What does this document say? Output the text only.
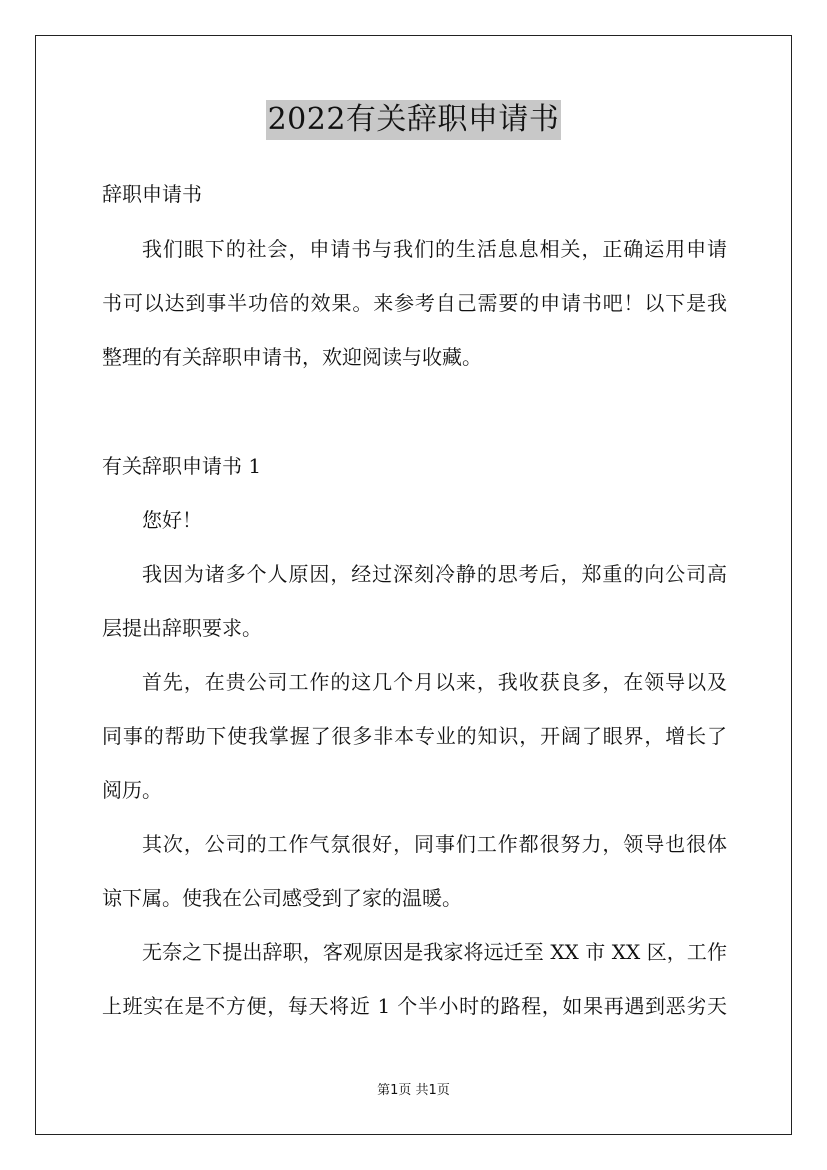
2022有关辞职申请书
辞职申请书
我们眼下的社会，申请书与我们的生活息息相关，正确运用申请
书可以达到事半功倍的效果。来参考自己需要的申请书吧！以下是我
整理的有关辞职申请书，欢迎阅读与收藏。
有关辞职申请书 1
您好！
我因为诸多个人原因，经过深刻冷静的思考后，郑重的向公司高
层提出辞职要求。
首先，在贵公司工作的这几个月以来，我收获良多，在领导以及
同事的帮助下使我掌握了很多非本专业的知识，开阔了眼界，增长了
阅历。
其次，公司的工作气氛很好，同事们工作都很努力，领导也很体
谅下属。使我在公司感受到了家的温暖。
无奈之下提出辞职，客观原因是我家将远迁至 XX 市 XX 区，工作
上班实在是不方便，每天将近 1 个半小时的路程，如果再遇到恶劣天
第1页 共1页
